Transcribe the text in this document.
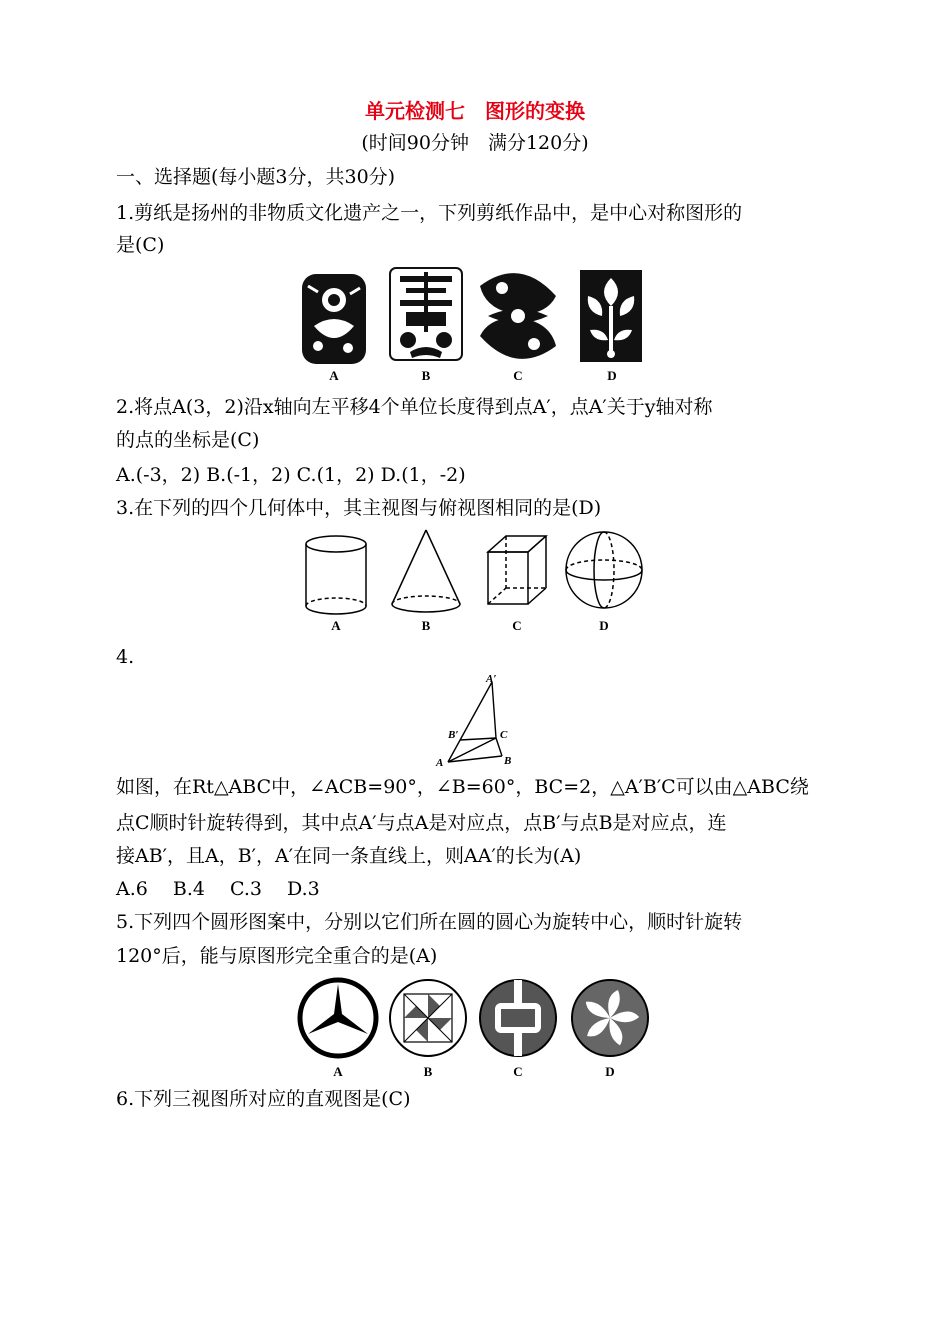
单元检测七　图形的变换
(时间90分钟　满分120分)
一、选择题(每小题3分，共30分)
1.剪纸是扬州的非物质文化遗产之一，下列剪纸作品中，是中心对称图形的
是(C)
A	B	C	D
2.将点A(3，2)沿x轴向左平移4个单位长度得到点A′，点A′关于y轴对称
的点的坐标是(C)
A.(-3，2) B.(-1，2) C.(1，2) D.(1，-2)
3.在下列的四个几何体中，其主视图与俯视图相同的是(D)
A	B	C	D
4.
A′
B′	C
A	B
如图，在Rt△ABC中，∠ACB=90°，∠B=60°，BC=2，△A′B′C可以由△ABC绕
点C顺时针旋转得到，其中点A′与点A是对应点，点B′与点B是对应点，连
接AB′，且A，B′，A′在同一条直线上，则AA′的长为(A)
A.6　 B.4　 C.3　 D.3
5.下列四个圆形图案中，分别以它们所在圆的圆心为旋转中心，顺时针旋转
120°后，能与原图形完全重合的是(A)
A	B	C	D
6.下列三视图所对应的直观图是(C)
